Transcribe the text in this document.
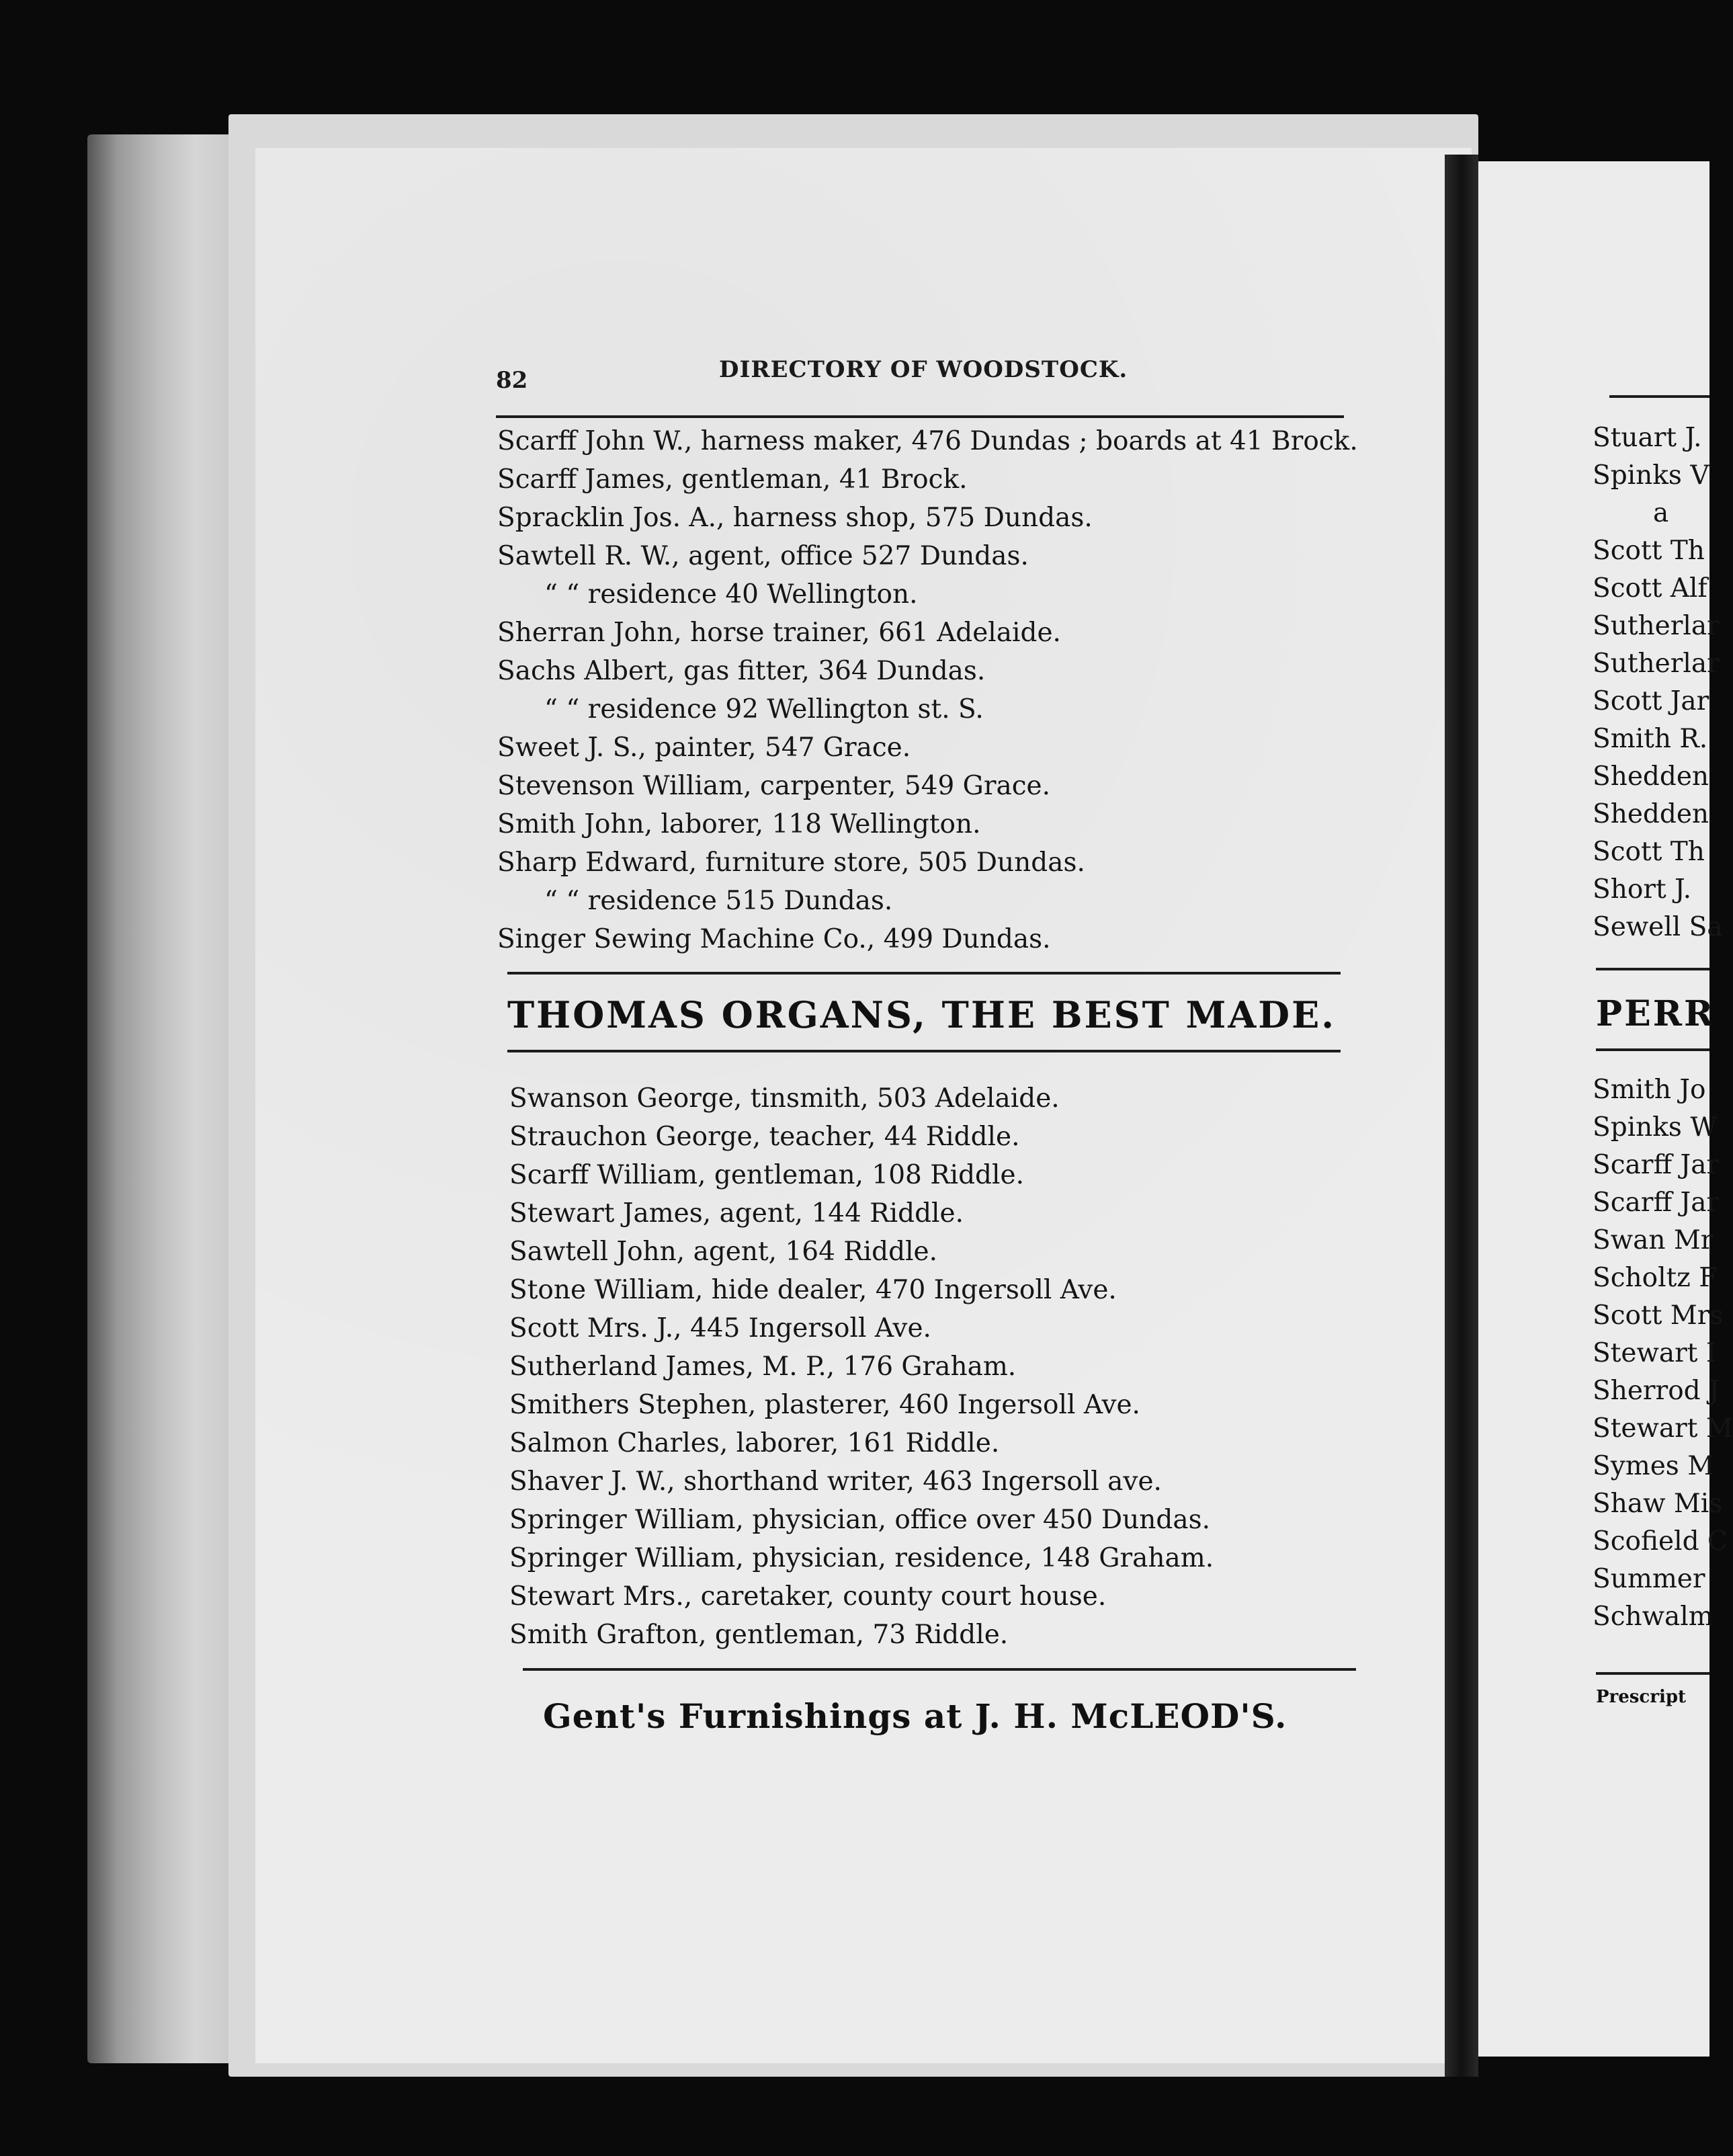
82	DIRECTORY OF WOODSTOCK.
Scarff John W., harness maker, 476 Dundas ; boards at 41 Brock.
Scarff James, gentleman, 41 Brock.
Spracklin Jos. A., harness shop, 575 Dundas.
Sawtell R. W., agent, office 527 Dundas.
“ “ residence 40 Wellington.
Sherran John, horse trainer, 661 Adelaide.
Sachs Albert, gas fitter, 364 Dundas.
“ “ residence 92 Wellington st. S.
Sweet J. S., painter, 547 Grace.
Stevenson William, carpenter, 549 Grace.
Smith John, laborer, 118 Wellington.
Sharp Edward, furniture store, 505 Dundas.
“ “ residence 515 Dundas.
Singer Sewing Machine Co., 499 Dundas.
THOMAS ORGANS, THE BEST MADE.
Swanson George, tinsmith, 503 Adelaide.
Strauchon George, teacher, 44 Riddle.
Scarff William, gentleman, 108 Riddle.
Stewart James, agent, 144 Riddle.
Sawtell John, agent, 164 Riddle.
Stone William, hide dealer, 470 Ingersoll Ave.
Scott Mrs. J., 445 Ingersoll Ave.
Sutherland James, M. P., 176 Graham.
Smithers Stephen, plasterer, 460 Ingersoll Ave.
Salmon Charles, laborer, 161 Riddle.
Shaver J. W., shorthand writer, 463 Ingersoll ave.
Springer William, physician, office over 450 Dundas.
Springer William, physician, residence, 148 Graham.
Stewart Mrs., caretaker, county court house.
Smith Grafton, gentleman, 73 Riddle.
Gent's Furnishings at J. H. McLEOD'S.
Stuart J.
Spinks V
a
Scott Th
Scott Alf
Sutherlar
Sutherlar
Scott Jar
Smith R.
Shedden
Shedden
Scott Th
Short J.
Sewell Sa
PERR
Smith Jo
Spinks W
Scarff Jar
Scarff Jar
Swan Mr
Scholtz F
Scott Mrs
Stewart I
Sherrod J
Stewart M
Symes M
Shaw Mis
Scofield C
Summer
Schwalm
Prescript
